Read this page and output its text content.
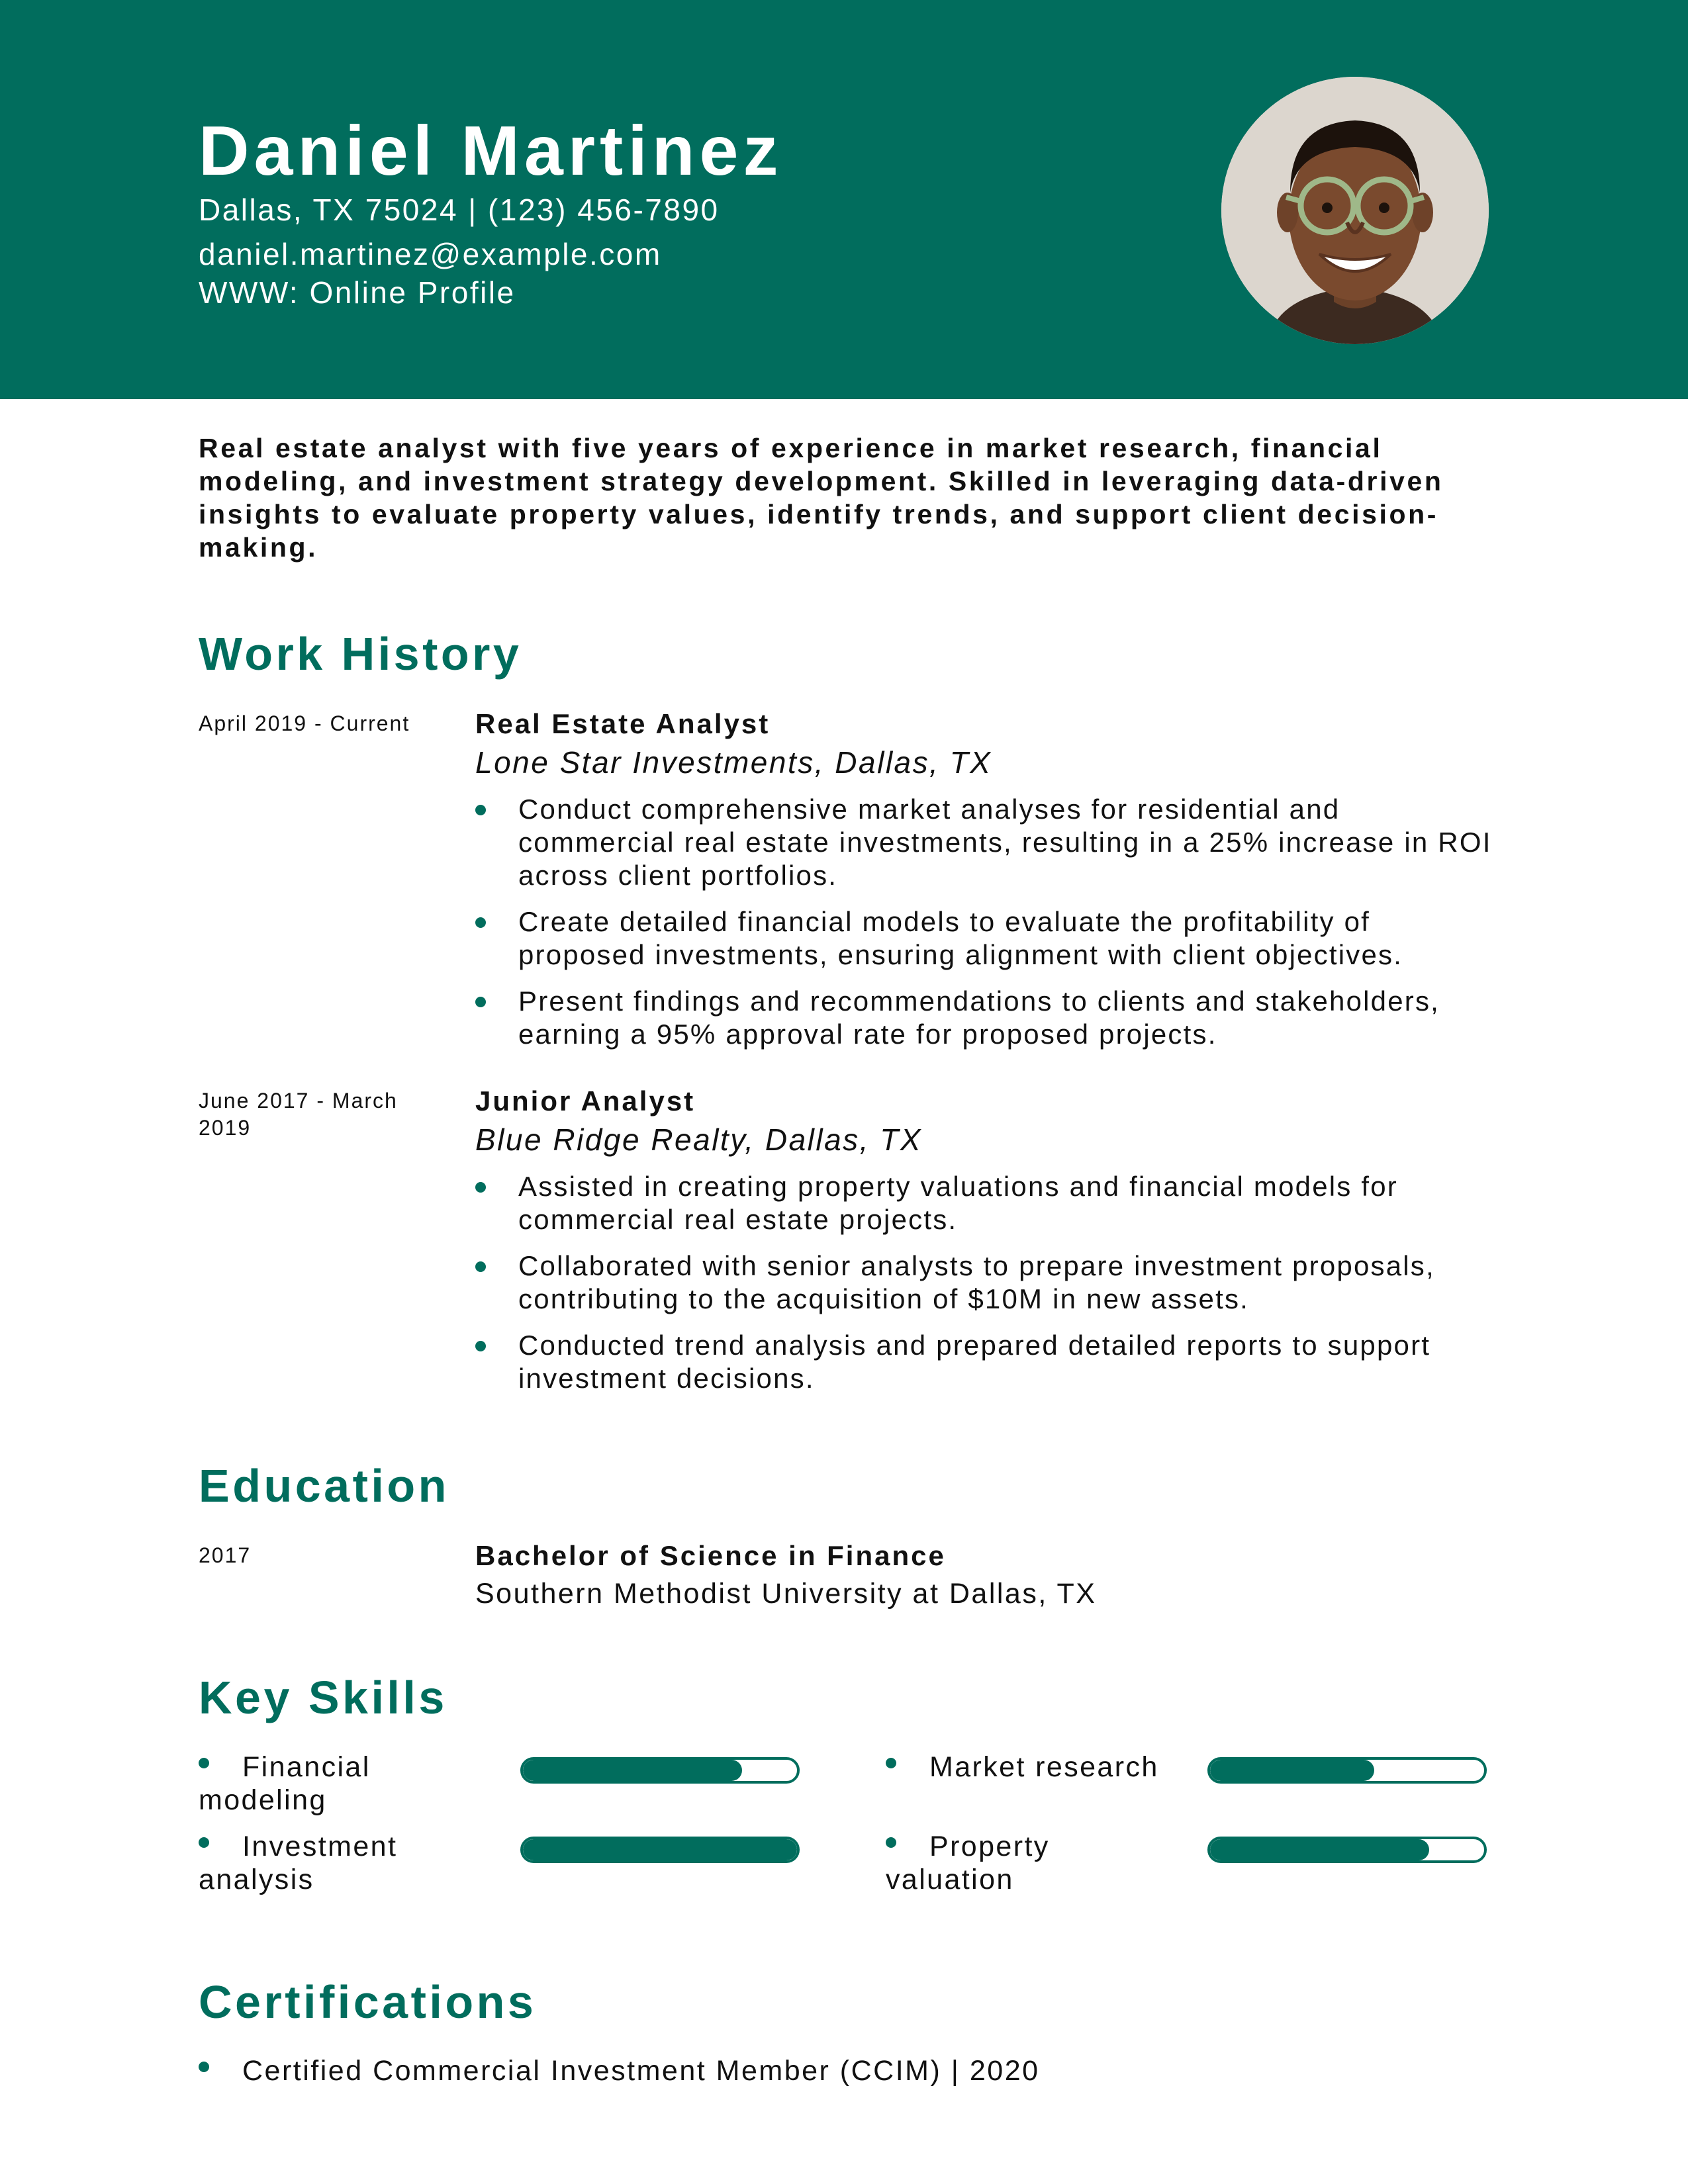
Daniel Martinez
Dallas, TX 75024 | (123) 456-7890
daniel.martinez@example.com
WWW: Online Profile
Real estate analyst with five years of experience in market research, financial modeling, and investment strategy development. Skilled in leveraging data-driven insights to evaluate property values, identify trends, and support client decision-making.
Work History
April 2019 - Current	Real Estate Analyst
Lone Star Investments, Dallas, TX
Conduct comprehensive market analyses for residential and commercial real estate investments, resulting in a 25% increase in ROI across client portfolios.
Create detailed financial models to evaluate the profitability of proposed investments, ensuring alignment with client objectives.
Present findings and recommendations to clients and stakeholders, earning a 95% approval rate for proposed projects.
June 2017 - March 2019
Junior Analyst
Blue Ridge Realty, Dallas, TX
Assisted in creating property valuations and financial models for commercial real estate projects.
Collaborated with senior analysts to prepare investment proposals, contributing to the acquisition of $10M in new assets.
Conducted trend analysis and prepared detailed reports to support investment decisions.
Education
2017	Bachelor of Science in Finance
Southern Methodist University at Dallas, TX
Key Skills
Financial modeling
Market research
Investment analysis
Property valuation
Certifications
Certified Commercial Investment Member (CCIM) | 2020
